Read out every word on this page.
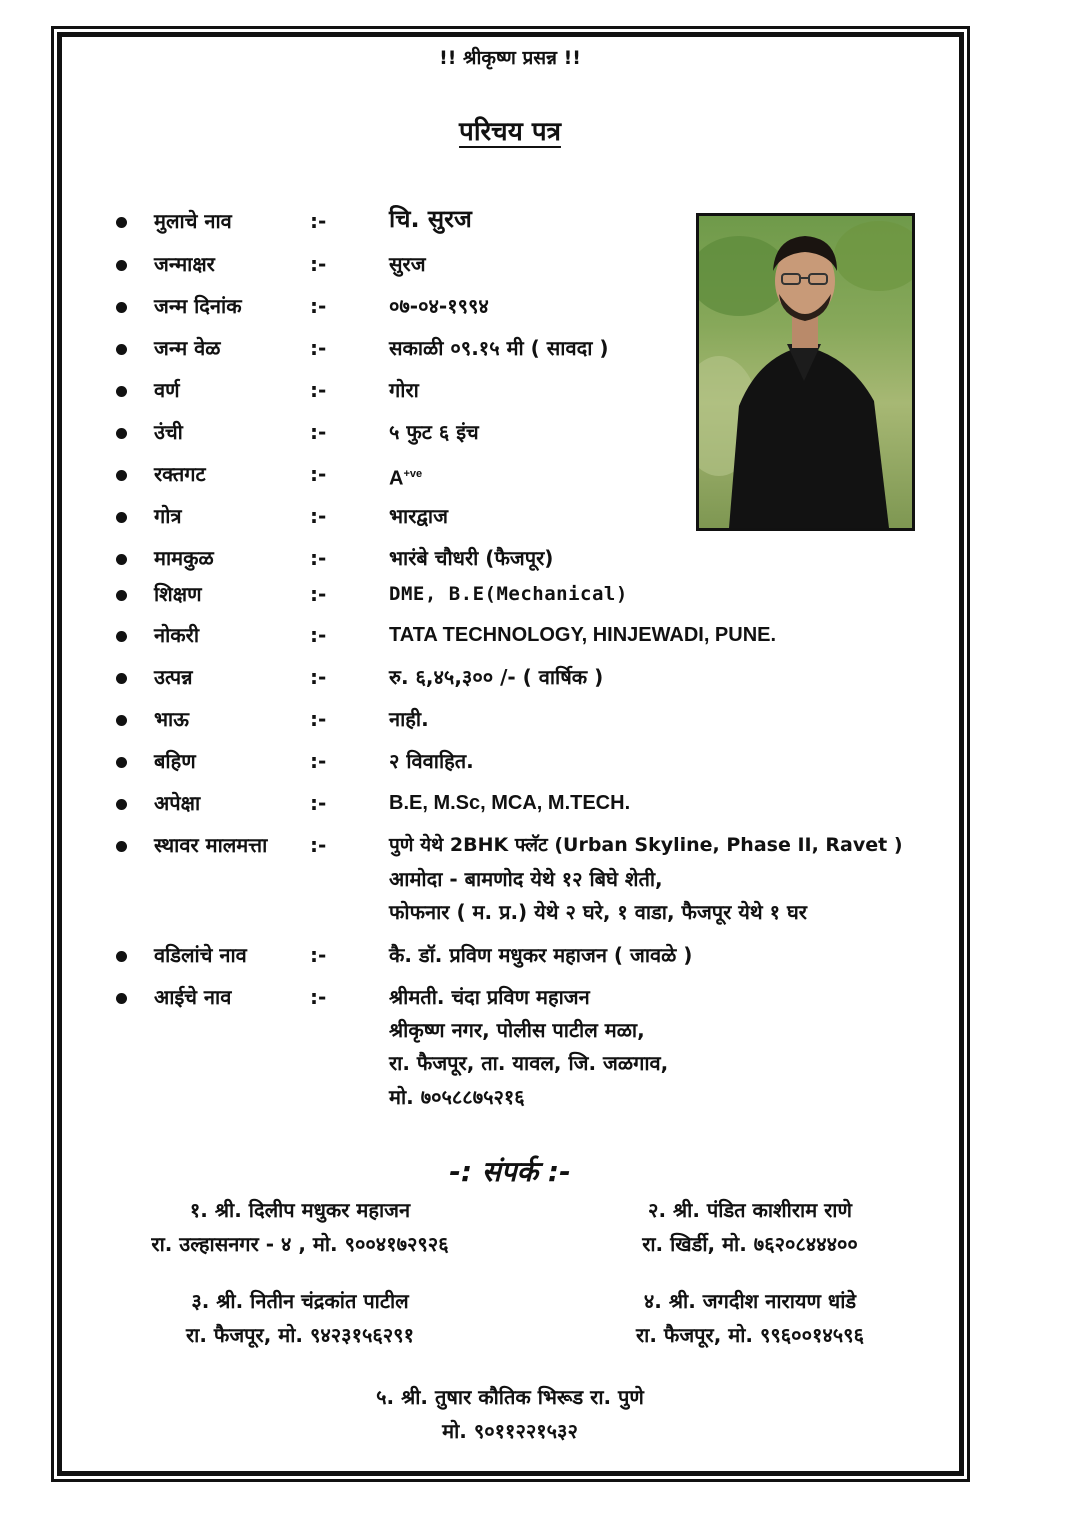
!! श्रीकृष्ण प्रसन्न !!
परिचय पत्र
मुलाचे नाव	:-	चि. सुरज
जन्माक्षर	:-	सुरज
जन्म दिनांक	:-	०७-०४-१९९४
जन्म वेळ	:-	सकाळी ०९.१५ मी ( सावदा )
वर्ण	:-	गोरा
उंची	:-	५ फुट ६ इंच
रक्तगट	:-	$A^{+ve}$
गोत्र	:-	भारद्वाज
मामकुळ	:-	भारंबे चौधरी (फैजपूर)
शिक्षण	:-	DME, B.E(Mechanical)
नोकरी	:-	TATA TECHNOLOGY, HINJEWADI, PUNE.
उत्पन्न	:-	रु. ६,४५,३०० /- ( वार्षिक )
भाऊ	:-	नाही.
बहिण	:-	२ विवाहित.
अपेक्षा	:-	B.E, M.Sc, MCA, M.TECH.
स्थावर मालमत्ता :-	पुणे येथे 2BHK फ्लॅट (Urban Skyline, Phase II, Ravet )
आमोदा - बामणोद येथे १२ बिघे शेती,
फोफनार ( म. प्र.) येथे २ घरे, १ वाडा, फैजपूर येथे १ घर
वडिलांचे नाव	:-	कै. डॉ. प्रविण मधुकर महाजन ( जावळे )
आईचे नाव	:-	श्रीमती. चंदा प्रविण महाजन
श्रीकृष्ण नगर, पोलीस पाटील मळा,
रा. फैजपूर, ता. यावल, जि. जळगाव,
मो. ७०५८८७५२१६
-: संपर्क :-
१. श्री. दिलीप मधुकर महाजन
रा. उल्हासनगर - ४ , मो. ९००४१७२९२६
२. श्री. पंडित काशीराम राणे
रा. खिर्डी, मो. ७६२०८४४४००
३. श्री. नितीन चंद्रकांत पाटील
रा. फैजपूर, मो. ९४२३१५६२९१
४. श्री. जगदीश नारायण धांडे
रा. फैजपूर, मो. ९९६००१४५९६
५. श्री. तुषार कौतिक भिरूड रा. पुणे
मो. ९०११२२१५३२
